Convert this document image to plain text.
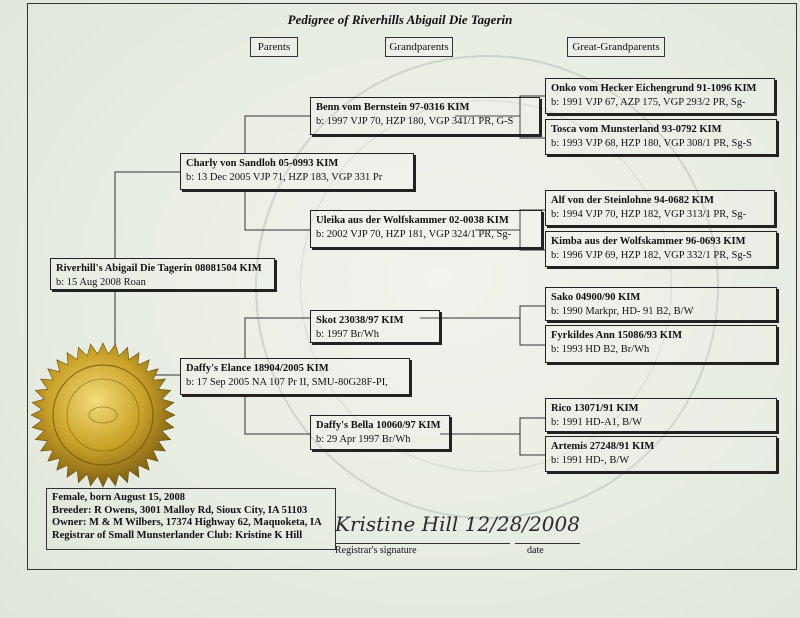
Pedigree of Riverhills Abigail Die Tagerin
Parents	Grandparents	Great-Grandparents
Riverhill's Abigail Die Tagerin 08081504 KIM
b: 15 Aug 2008 Roan
Charly von Sandloh 05-0993 KIM
b: 13 Dec 2005 VJP 71, HZP 183, VGP 331 Pr
Daffy's Elance 18904/2005 KIM
b: 17 Sep 2005 NA 107 Pr II, SMU-80G28F-PI,
Benn vom Bernstein 97-0316 KIM
b: 1997 VJP 70, HZP 180, VGP 341/1 PR, G-S
Uleika aus der Wolfskammer 02-0038 KIM
b: 2002 VJP 70, HZP 181, VGP 324/1 PR, Sg-
Skot 23038/97 KIM
b: 1997 Br/Wh
Daffy's Bella 10060/97 KIM
b: 29 Apr 1997 Br/Wh
Onko vom Hecker Eichengrund 91-1096 KIM
b: 1991 VJP 67, AZP 175, VGP 293/2 PR, Sg-
Tosca vom Munsterland 93-0792 KIM
b: 1993 VJP 68, HZP 180, VGP 308/1 PR, Sg-S
Alf von der Steinlohne 94-0682 KIM
b: 1994 VJP 70, HZP 182, VGP 313/1 PR, Sg-
Kimba aus der Wolfskammer 96-0693 KIM
b: 1996 VJP 69, HZP 182, VGP 332/1 PR, Sg-S
Sako 04900/90 KIM
b: 1990 Markpr, HD- 91 B2, B/W
Fyrkildes Ann 15086/93 KIM
b: 1993 HD B2, Br/Wh
Rico 13071/91 KIM
b: 1991 HD-A1, B/W
Artemis 27248/91 KIM
b: 1991 HD-, B/W
Female, born August 15, 2008
Breeder: R Owens, 3001 Malloy Rd, Sioux City, IA 51103
Owner: M & M Wilbers, 17374 Highway 62, Maquoketa, IA
Registrar of Small Munsterlander Club: Kristine K Hill	Kristine Hill 12/28/2008
Registrar's signature	date
